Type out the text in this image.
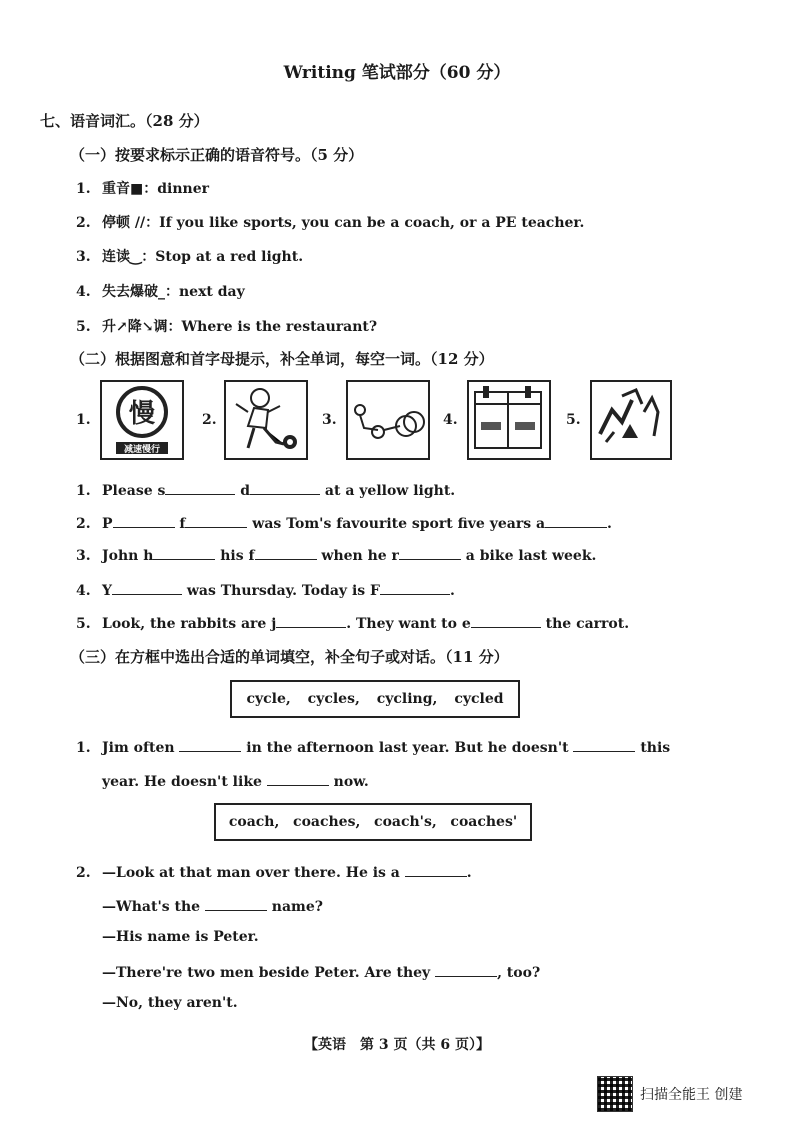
Writing 笔试部分（60 分）
七、语音词汇。（28 分）
（一）按要求标示正确的语音符号。（5 分）
1. 重音■：dinner
2. 停顿 //：If you like sports, you can be a coach, or a PE teacher.
3. 连读‿：Stop at a red light.
4. 失去爆破_：next day
5. 升↗降↘调：Where is the restaurant?
（二）根据图意和首字母提示，补全单词，每空一词。（12 分）
1. 慢
减速慢行
2.	3.	4.	5.
1. Please s	d	at a yellow light.
2. P	f	was Tom's favourite sport five years a	.
3. John h	his f	when he r	a bike last week.
4. Y	was Thursday. Today is F	.
5. Look, the rabbits are j	. They want to e	the carrot.
（三）在方框中选出合适的单词填空，补全句子或对话。（11 分）
cycle, cycles, cycling, cycled
1. Jim often	in the afternoon last year. But he doesn't	this
year. He doesn't like	now.
coach, coaches, coach's, coaches'
2. —Look at that man over there. He is a	.
—What's the	name?
—His name is Peter.
—There're two men beside Peter. Are they	, too?
—No, they aren't.
【英语　第 3 页（共 6 页）】
扫描全能王 创建
